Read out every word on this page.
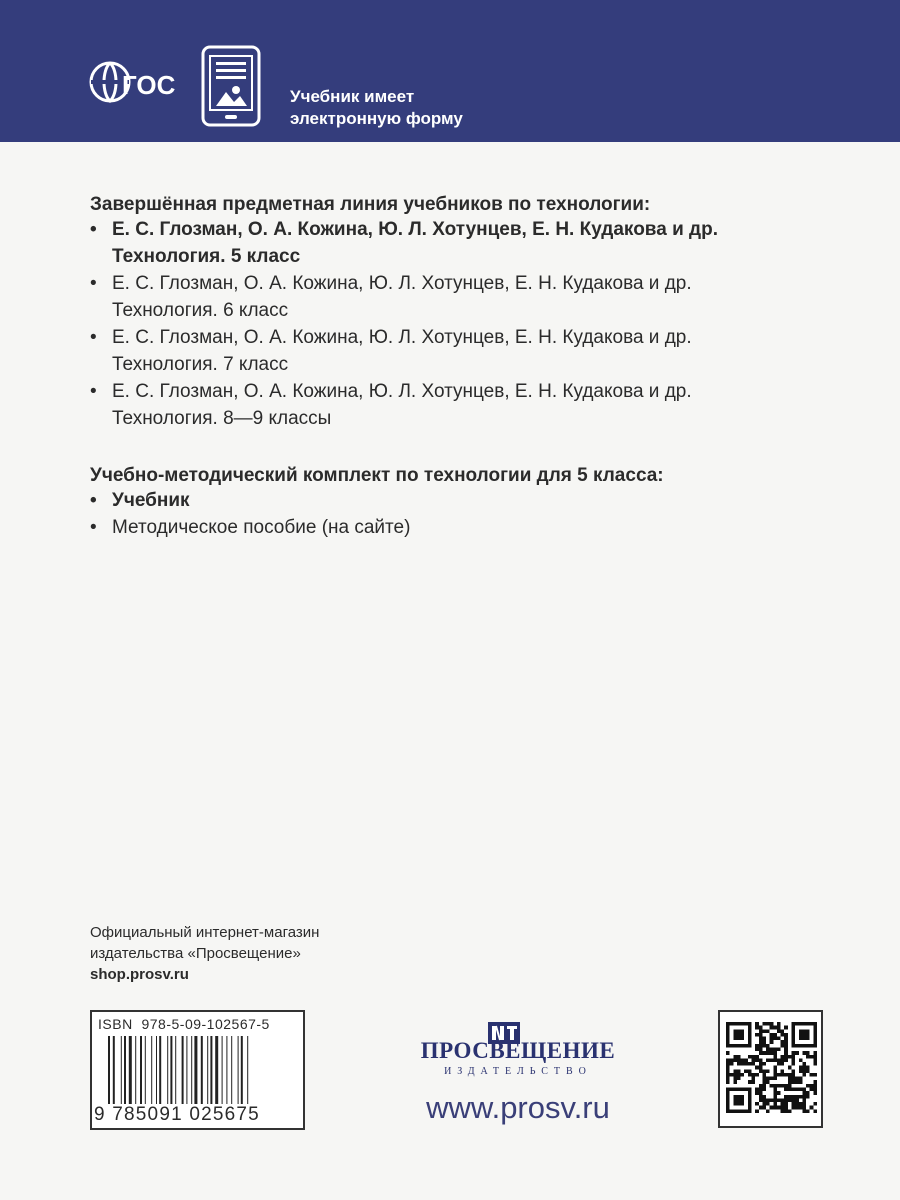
ГОС	Учебник имеет
электронную форму

Завершённая предметная линия учебников по технологии:

• Е. С. Глозман, О. А. Кожина, Ю. Л. Хотунцев, Е. Н. Кудакова и др.
Технология. 5 класс
• Е. С. Глозман, О. А. Кожина, Ю. Л. Хотунцев, Е. Н. Кудакова и др.
Технология. 6 класс
• Е. С. Глозман, О. А. Кожина, Ю. Л. Хотунцев, Е. Н. Кудакова и др.
Технология. 7 класс
• Е. С. Глозман, О. А. Кожина, Ю. Л. Хотунцев, Е. Н. Кудакова и др.
Технология. 8—9 классы

Учебно-методический комплект по технологии для 5 класса:

• Учебник
• Методическое пособие (на сайте)
Официальный интернет-магазин
издательства «Просвещение»
shop.prosv.ru
ISBN 978-5-09-102567-5
9 785091 025675
ПРОСВЕЩЕНИЕ
ИЗДАТЕЛЬСТВО
www.prosv.ru
